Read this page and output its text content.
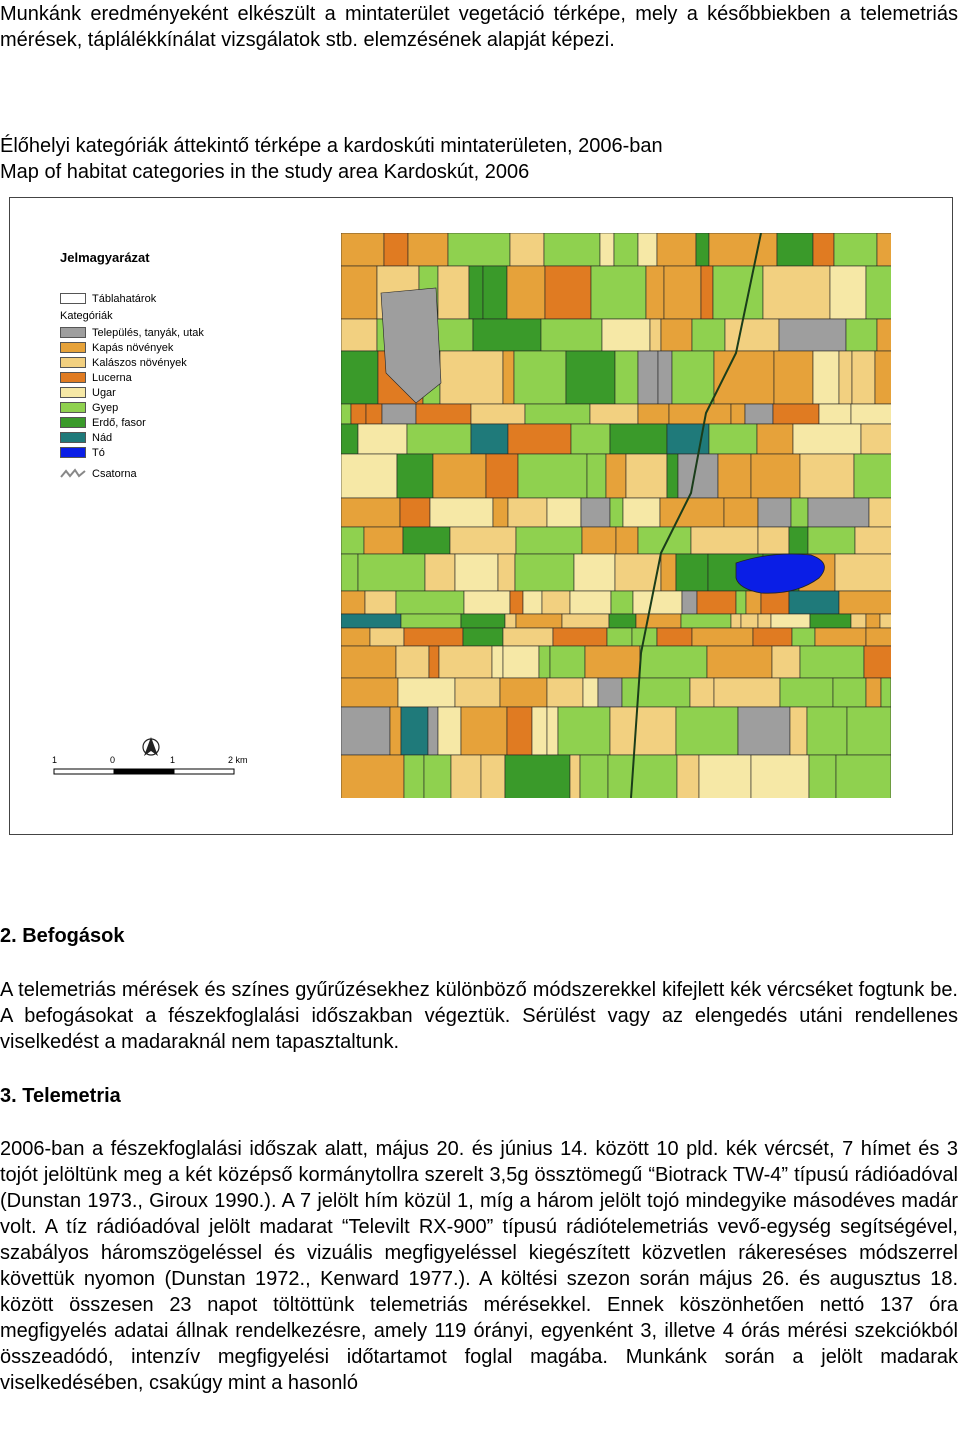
Munkánk eredményeként elkészült a mintaterület vegetáció térképe, mely a későbbiekben a telemetriás mérések, táplálékkínálat vizsgálatok stb. elemzésének alapját képezi.
Élőhelyi kategóriák áttekintő térképe a kardoskúti mintaterületen, 2006-ban
Map of habitat categories in the study area Kardoskút, 2006
Jelmagyarázat
Táblahatárok
Kategóriák
Település, tanyák, utak
Kapás növények
Kalászos növények
Lucerna
Ugar
Gyep
Erdő, fasor
Nád
Tó
Csatorna
1	0	1	2 km
2. Befogások
A telemetriás mérések és színes gyűrűzésekhez különböző módszerekkel kifejlett kék vércséket fogtunk be. A befogásokat a fészekfoglalási időszakban végeztük. Sérülést vagy az elengedés utáni rendellenes viselkedést a madaraknál nem tapasztaltunk.
3. Telemetria
2006-ban a fészekfoglalási időszak alatt, május 20. és június 14. között 10 pld. kék vércsét, 7 hímet és 3 tojót jelöltünk meg a két középső kormánytollra szerelt 3,5g össztömegű “Biotrack TW-4” típusú rádióadóval (Dunstan 1973., Giroux 1990.). A 7 jelölt hím közül 1, míg a három jelölt tojó mindegyike másodéves madár volt. A tíz rádióadóval jelölt madarat “Televilt RX-900” típusú rádiótelemetriás vevő-egység segítségével, szabályos háromszögeléssel és vizuális megfigyeléssel kiegészített közvetlen rákereséses módszerrel követtük nyomon (Dunstan 1972., Kenward 1977.). A költési szezon során május 26. és augusztus 18. között összesen 23 napot töltöttünk telemetriás mérésekkel. Ennek köszönhetően nettó 137 óra megfigyelés adatai állnak rendelkezésre, amely 119 órányi, egyenként 3, illetve 4 órás mérési szekciókból összeadódó, intenzív megfigyelési időtartamot foglal magába. Munkánk során a jelölt madarak viselkedésében, csakúgy mint a hasonló
